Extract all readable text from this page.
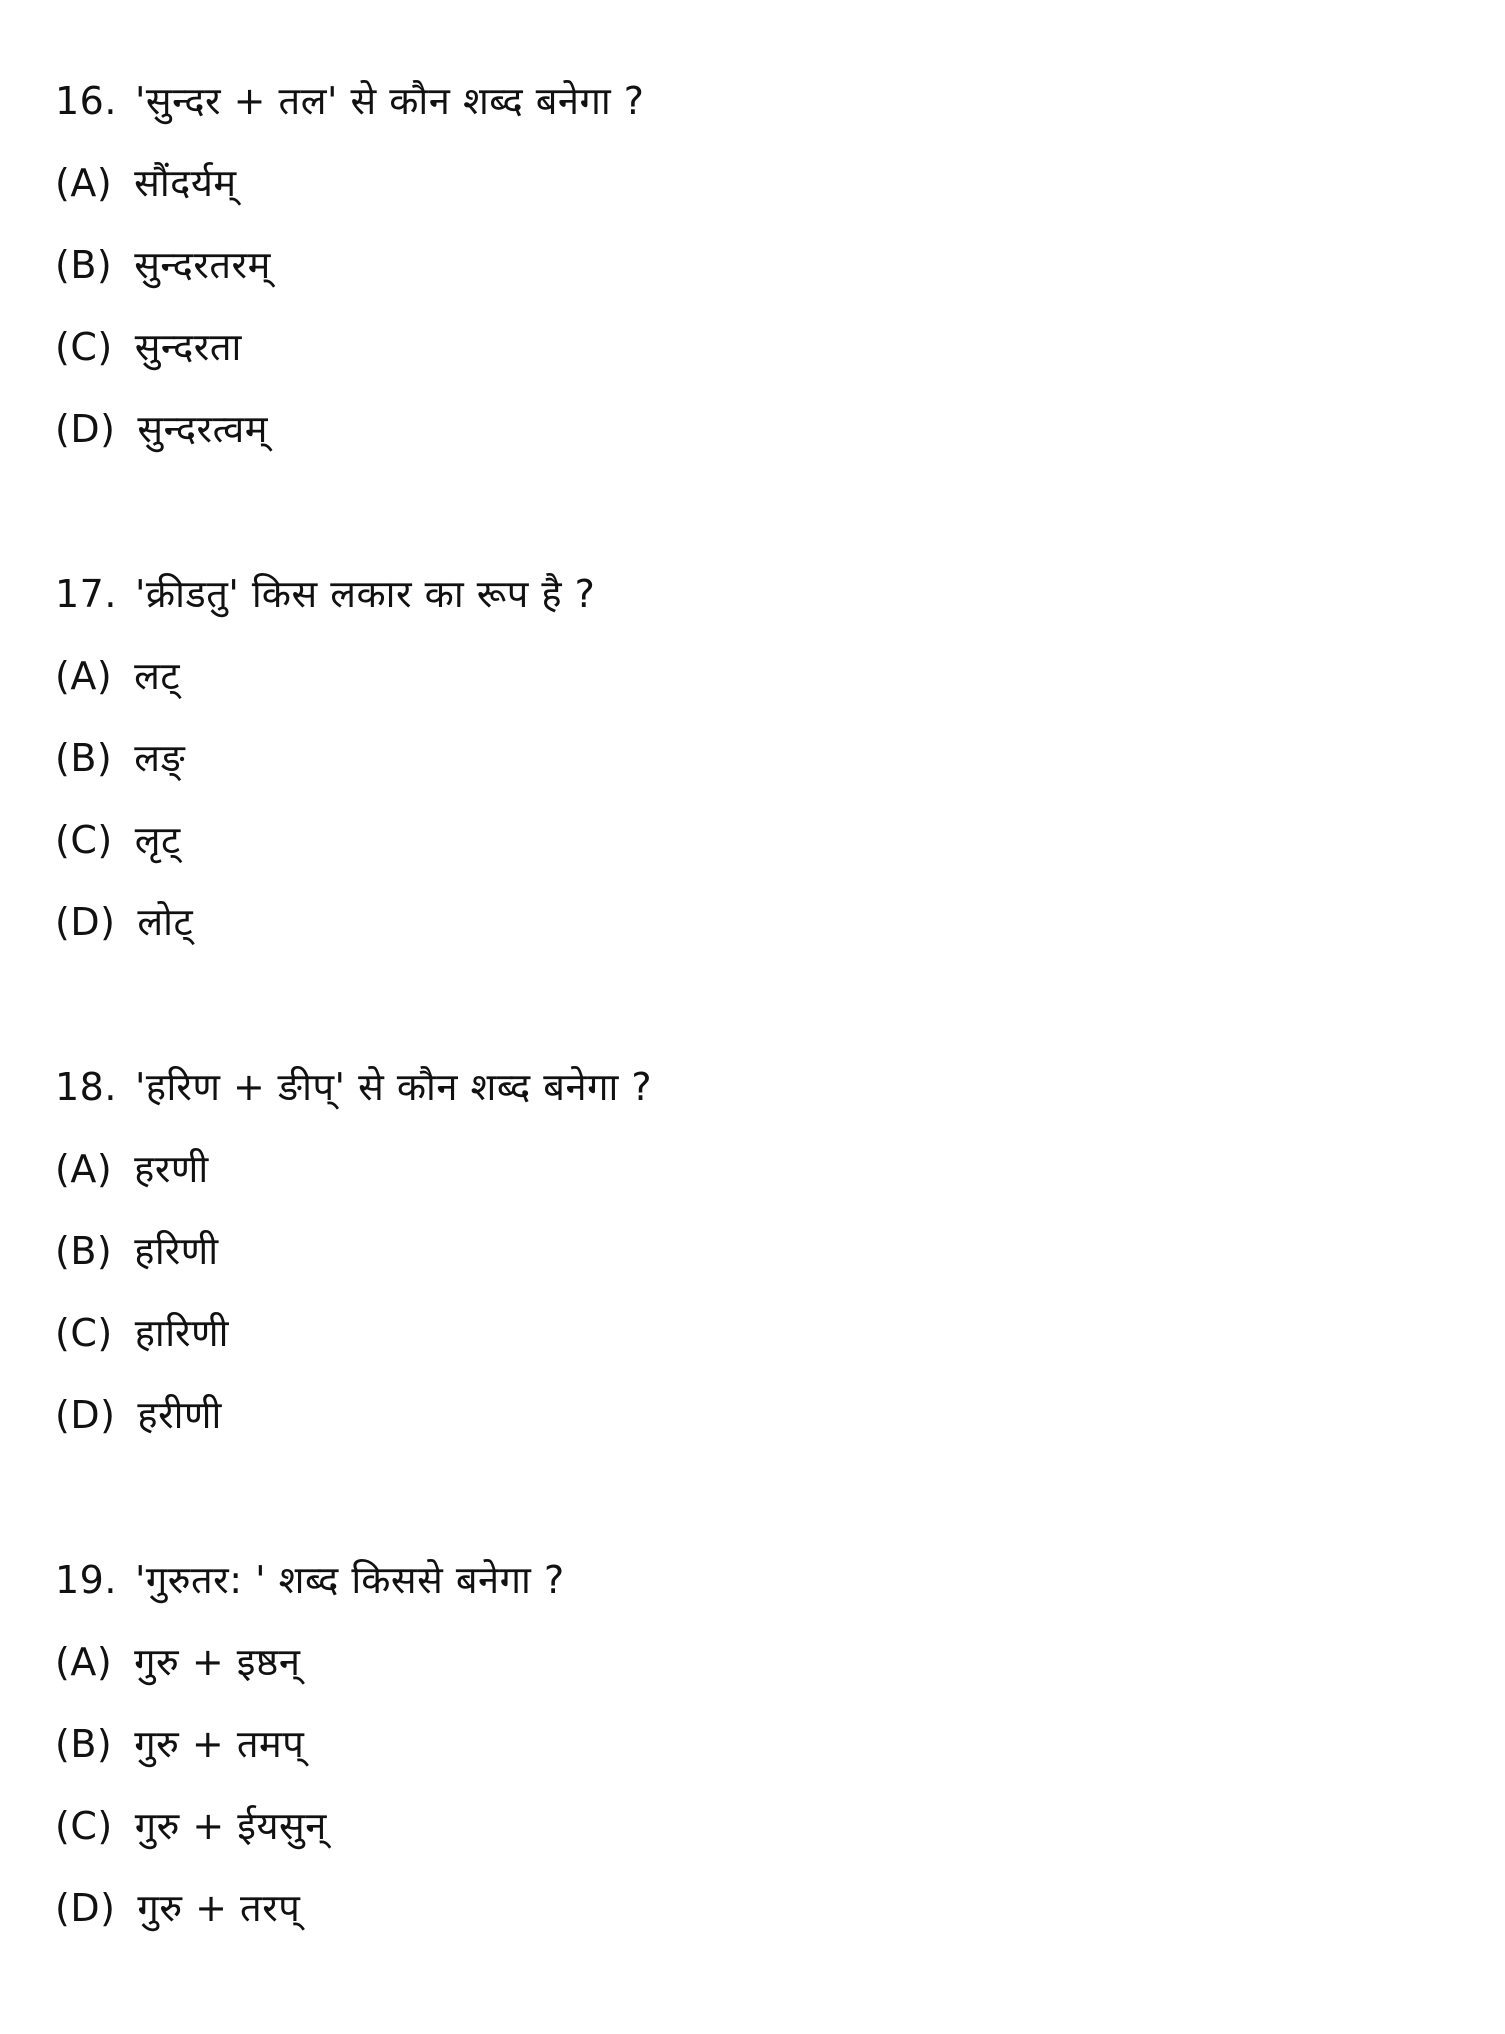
16. 'सुन्दर + तल' से कौन शब्द बनेगा ?
(A) सौंदर्यम्
(B) सुन्दरतरम्
(C) सुन्दरता
(D) सुन्दरत्वम्
17. 'क्रीडतु' किस लकार का रूप है ?
(A) लट्
(B) लङ्
(C) लृट्
(D) लोट्
18. 'हरिण + ङीप्' से कौन शब्द बनेगा ?
(A) हरणी
(B) हरिणी
(C) हारिणी
(D) हरीणी
19. 'गुरुतर: ' शब्द किससे बनेगा ?
(A) गुरु + इष्ठन्
(B) गुरु + तमप्
(C) गुरु + ईयसुन्
(D) गुरु + तरप्
